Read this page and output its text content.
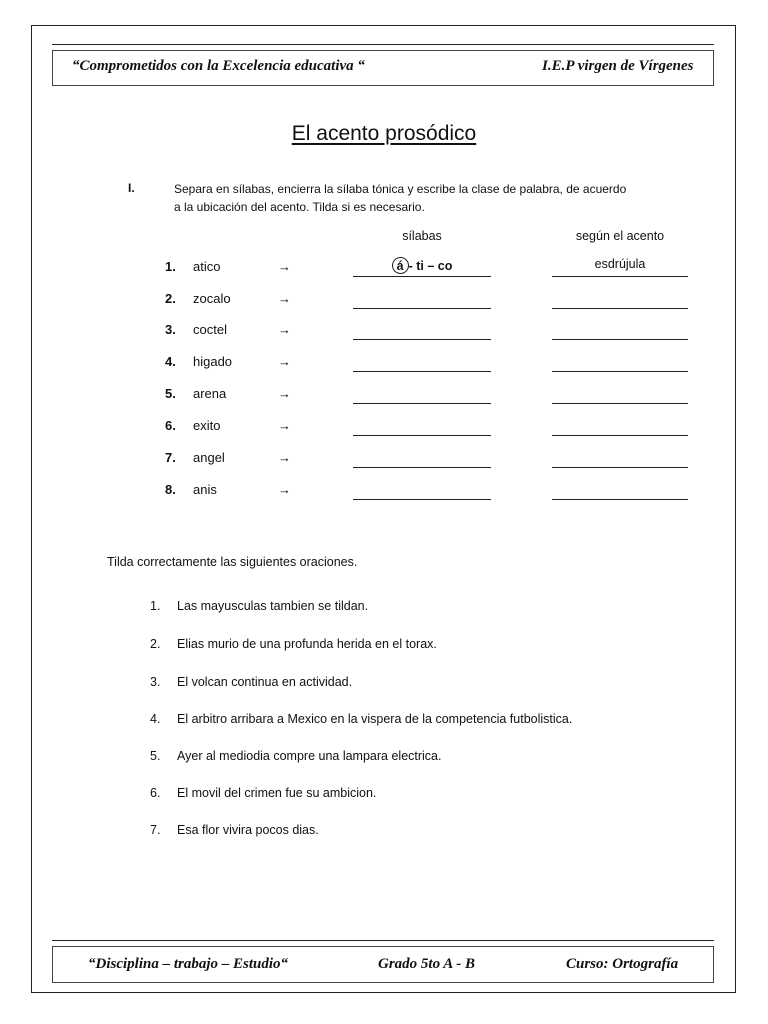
“Comprometidos con la Excelencia educativa “	I.E.P virgen de Vírgenes
El acento prosódico
I.	Separa en sílabas, encierra la sílaba tónica y escribe la clase de palabra, de acuerdo
a la ubicación del acento. Tilda si es necesario.
sílabas	según el acento
1. atico	→	á - ti – co	esdrújula
2. zocalo	→
3. coctel	→
4. higado	→
5. arena	→
6. exito	→
7. angel	→
8. anis	→
Tilda correctamente las siguientes oraciones.
1. Las mayusculas tambien se tildan.
2. Elias murio de una profunda herida en el torax.
3. El volcan continua en actividad.
4. El arbitro arribara a Mexico en la vispera de la competencia futbolistica.
5. Ayer al mediodia compre una lampara electrica.
6. El movil del crimen fue su ambicion.
7. Esa flor vivira pocos dias.
“Disciplina – trabajo – Estudio“	Grado 5to A - B	Curso: Ortografía
